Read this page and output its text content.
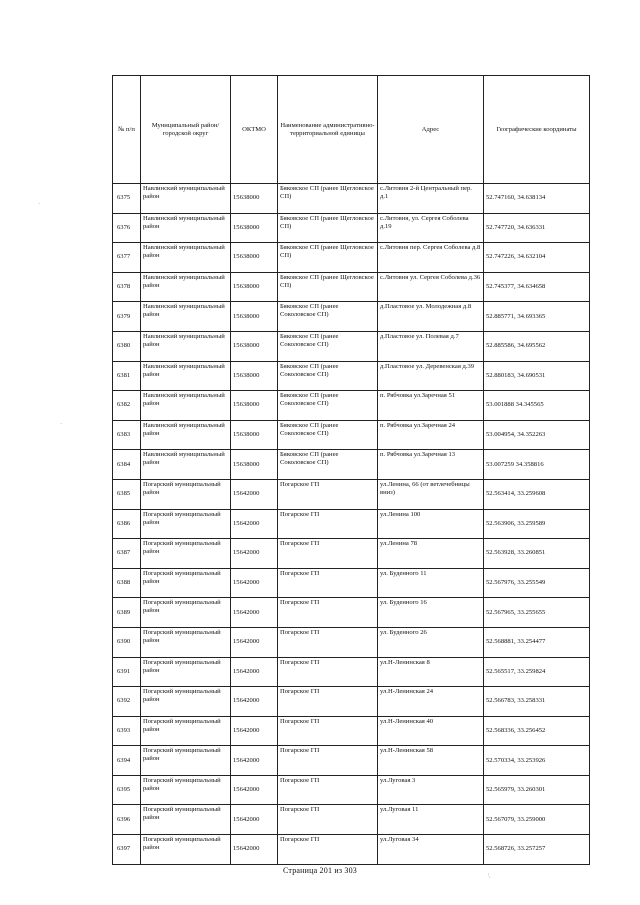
№ п/п	Муниципальный район/городской округ	ОКТМО	Наименование административно-территориальной единицы	Адрес	Географические координаты
6375	Навлинский муниципальный район	15638000	Бяковское СП (ранее Щегловское СП)	с.Литовня 2-й Центральный пер. д.1	52.747160, 34.638134
6376	Навлинский муниципальный район	15638000	Бяковское СП (ранее Щегловское СП)	с.Литовня, ул. Сергея Соболева д.19	52.747720, 34.636331
6377	Навлинский муниципальный район	15638000	Бяковское СП (ранее Щегловское СП)	с.Литовня пер. Сергея Соболева д.8	52.747226, 34.632104
6378	Навлинский муниципальный район	15638000	Бяковское СП (ранее Щегловское СП)	с.Литовня ул. Сергея Соболева д.36	52.745377, 34.634658
6379	Навлинский муниципальный район	15638000	Бяковское СП (ранее Соколовское СП)	д.Пластовое ул. Молодежная д.8	52.885771, 34.693365
6380	Навлинский муниципальный район	15638000	Бяковское СП (ранее Соколовское СП)	д.Пластовое ул. Полевая д.7	52.885586, 34.695562
6381	Навлинский муниципальный район	15638000	Бяковское СП (ранее Соколовское СП)	д.Пластовое ул. Деревенская д.39	52.880183, 34.690531
6382	Навлинский муниципальный район	15638000	Бяковское СП (ранее Соколовское СП)	п. Рябчовка ул.Заречная 51	53.001888 34.345565
6383	Навлинский муниципальный район	15638000	Бяковское СП (ранее Соколовское СП)	п. Рябчовка ул.Заречная 24	53.004954, 34.352263
6384	Навлинский муниципальный район	15638000	Бяковское СП (ранее Соколовское СП)	п. Рябчовка ул.Заречная 13	53.007259 34.358816
6385	Погарский муниципальный район	15642000	Погарское ГП	ул.Ленина, 66 (от ветлечебницы вниз)	52.563414, 33.259608
6386	Погарский муниципальный район	15642000	Погарское ГП	ул.Ленина 100	52.563906, 33.259589
6387	Погарский муниципальный район	15642000	Погарское ГП	ул.Ленина 78	52.563928, 33.260851
6388	Погарский муниципальный район	15642000	Погарское ГП	ул. Буденного 11	52.567976, 33.255549
6389	Погарский муниципальный район	15642000	Погарское ГП	ул. Буденного 16	52.567965, 33.255655
6390	Погарский муниципальный район	15642000	Погарское ГП	ул. Буденного 26	52.568881, 33.254477
6391	Погарский муниципальный район	15642000	Погарское ГП	ул.Н-Ленинская 8	52.565517, 33.259824
6392	Погарский муниципальный район	15642000	Погарское ГП	ул.Н-Ленинская 24	52.566783, 33.258331
6393	Погарский муниципальный район	15642000	Погарское ГП	ул.Н-Ленинская 40	52.568336, 33.256452
6394	Погарский муниципальный район	15642000	Погарское ГП	ул.Н-Ленинская 58	52.570334, 33.253926
6395	Погарский муниципальный район	15642000	Погарское ГП	ул.Луговая 3	52.565979, 33.260301
6396	Погарский муниципальный район	15642000	Погарское ГП	ул.Луговая 11	52.567079, 33.259000
6397	Погарский муниципальный район	15642000	Погарское ГП	ул.Луговая 34	52.568726, 33.257257
Страница 201 из 303
·
·
\
